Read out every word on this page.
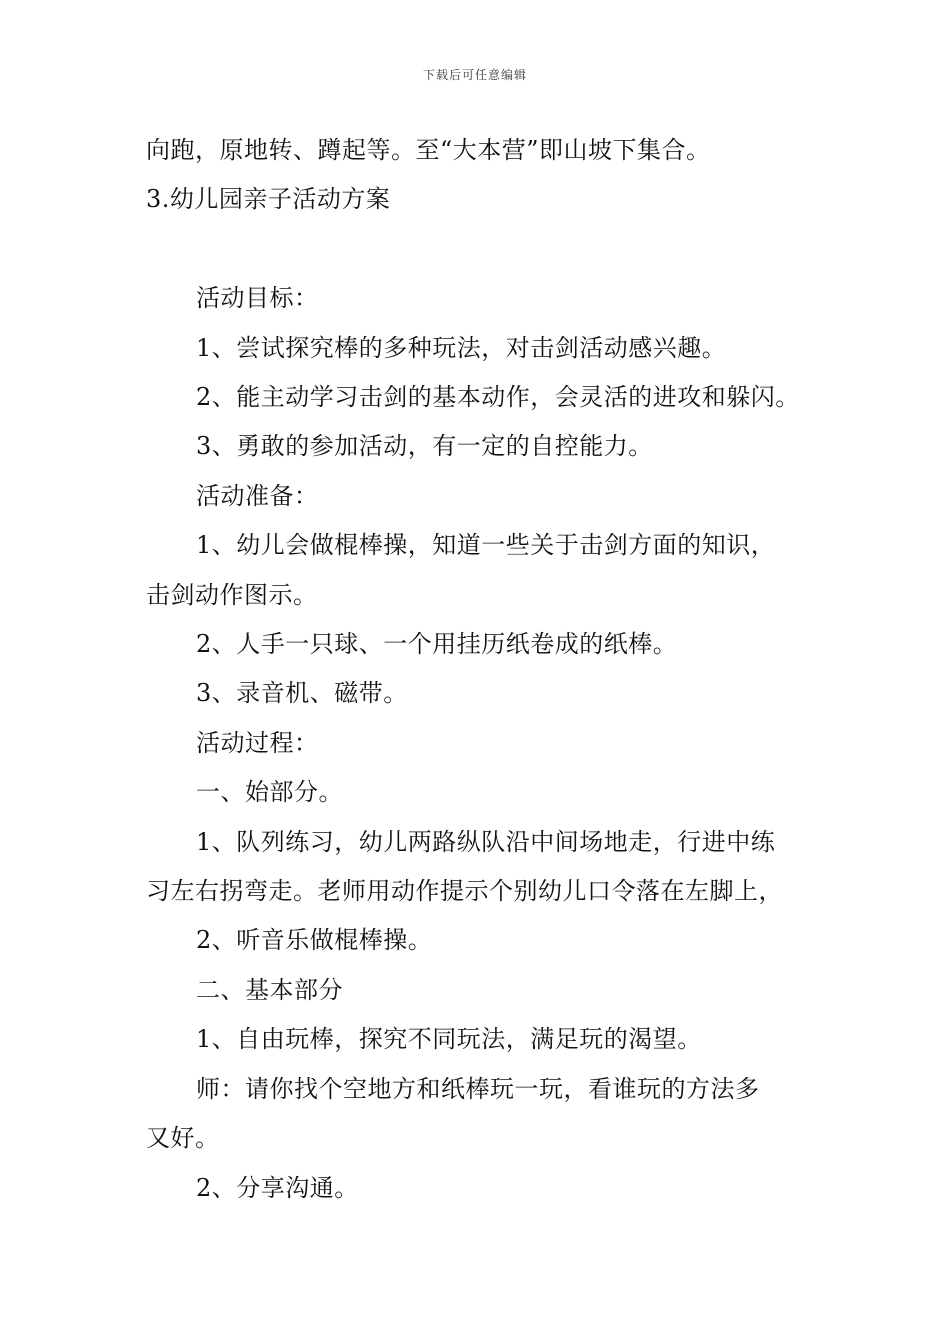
下载后可任意编辑
向跑，原地转、蹲起等。至“大本营”即山坡下集合。
3.幼儿园亲子活动方案
活动目标：
1、尝试探究棒的多种玩法，对击剑活动感兴趣。
2、能主动学习击剑的基本动作，会灵活的进攻和躲闪。
3、勇敢的参加活动，有一定的自控能力。
活动准备：
1、幼儿会做棍棒操，知道一些关于击剑方面的知识，
击剑动作图示。
2、人手一只球、一个用挂历纸卷成的纸棒。
3、录音机、磁带。
活动过程：
一、始部分。
1、队列练习，幼儿两路纵队沿中间场地走，行进中练
习左右拐弯走。老师用动作提示个别幼儿口令落在左脚上，
2、听音乐做棍棒操。
二、基本部分
1、自由玩棒，探究不同玩法，满足玩的渴望。
师：请你找个空地方和纸棒玩一玩，看谁玩的方法多
又好。
2、分享沟通。
